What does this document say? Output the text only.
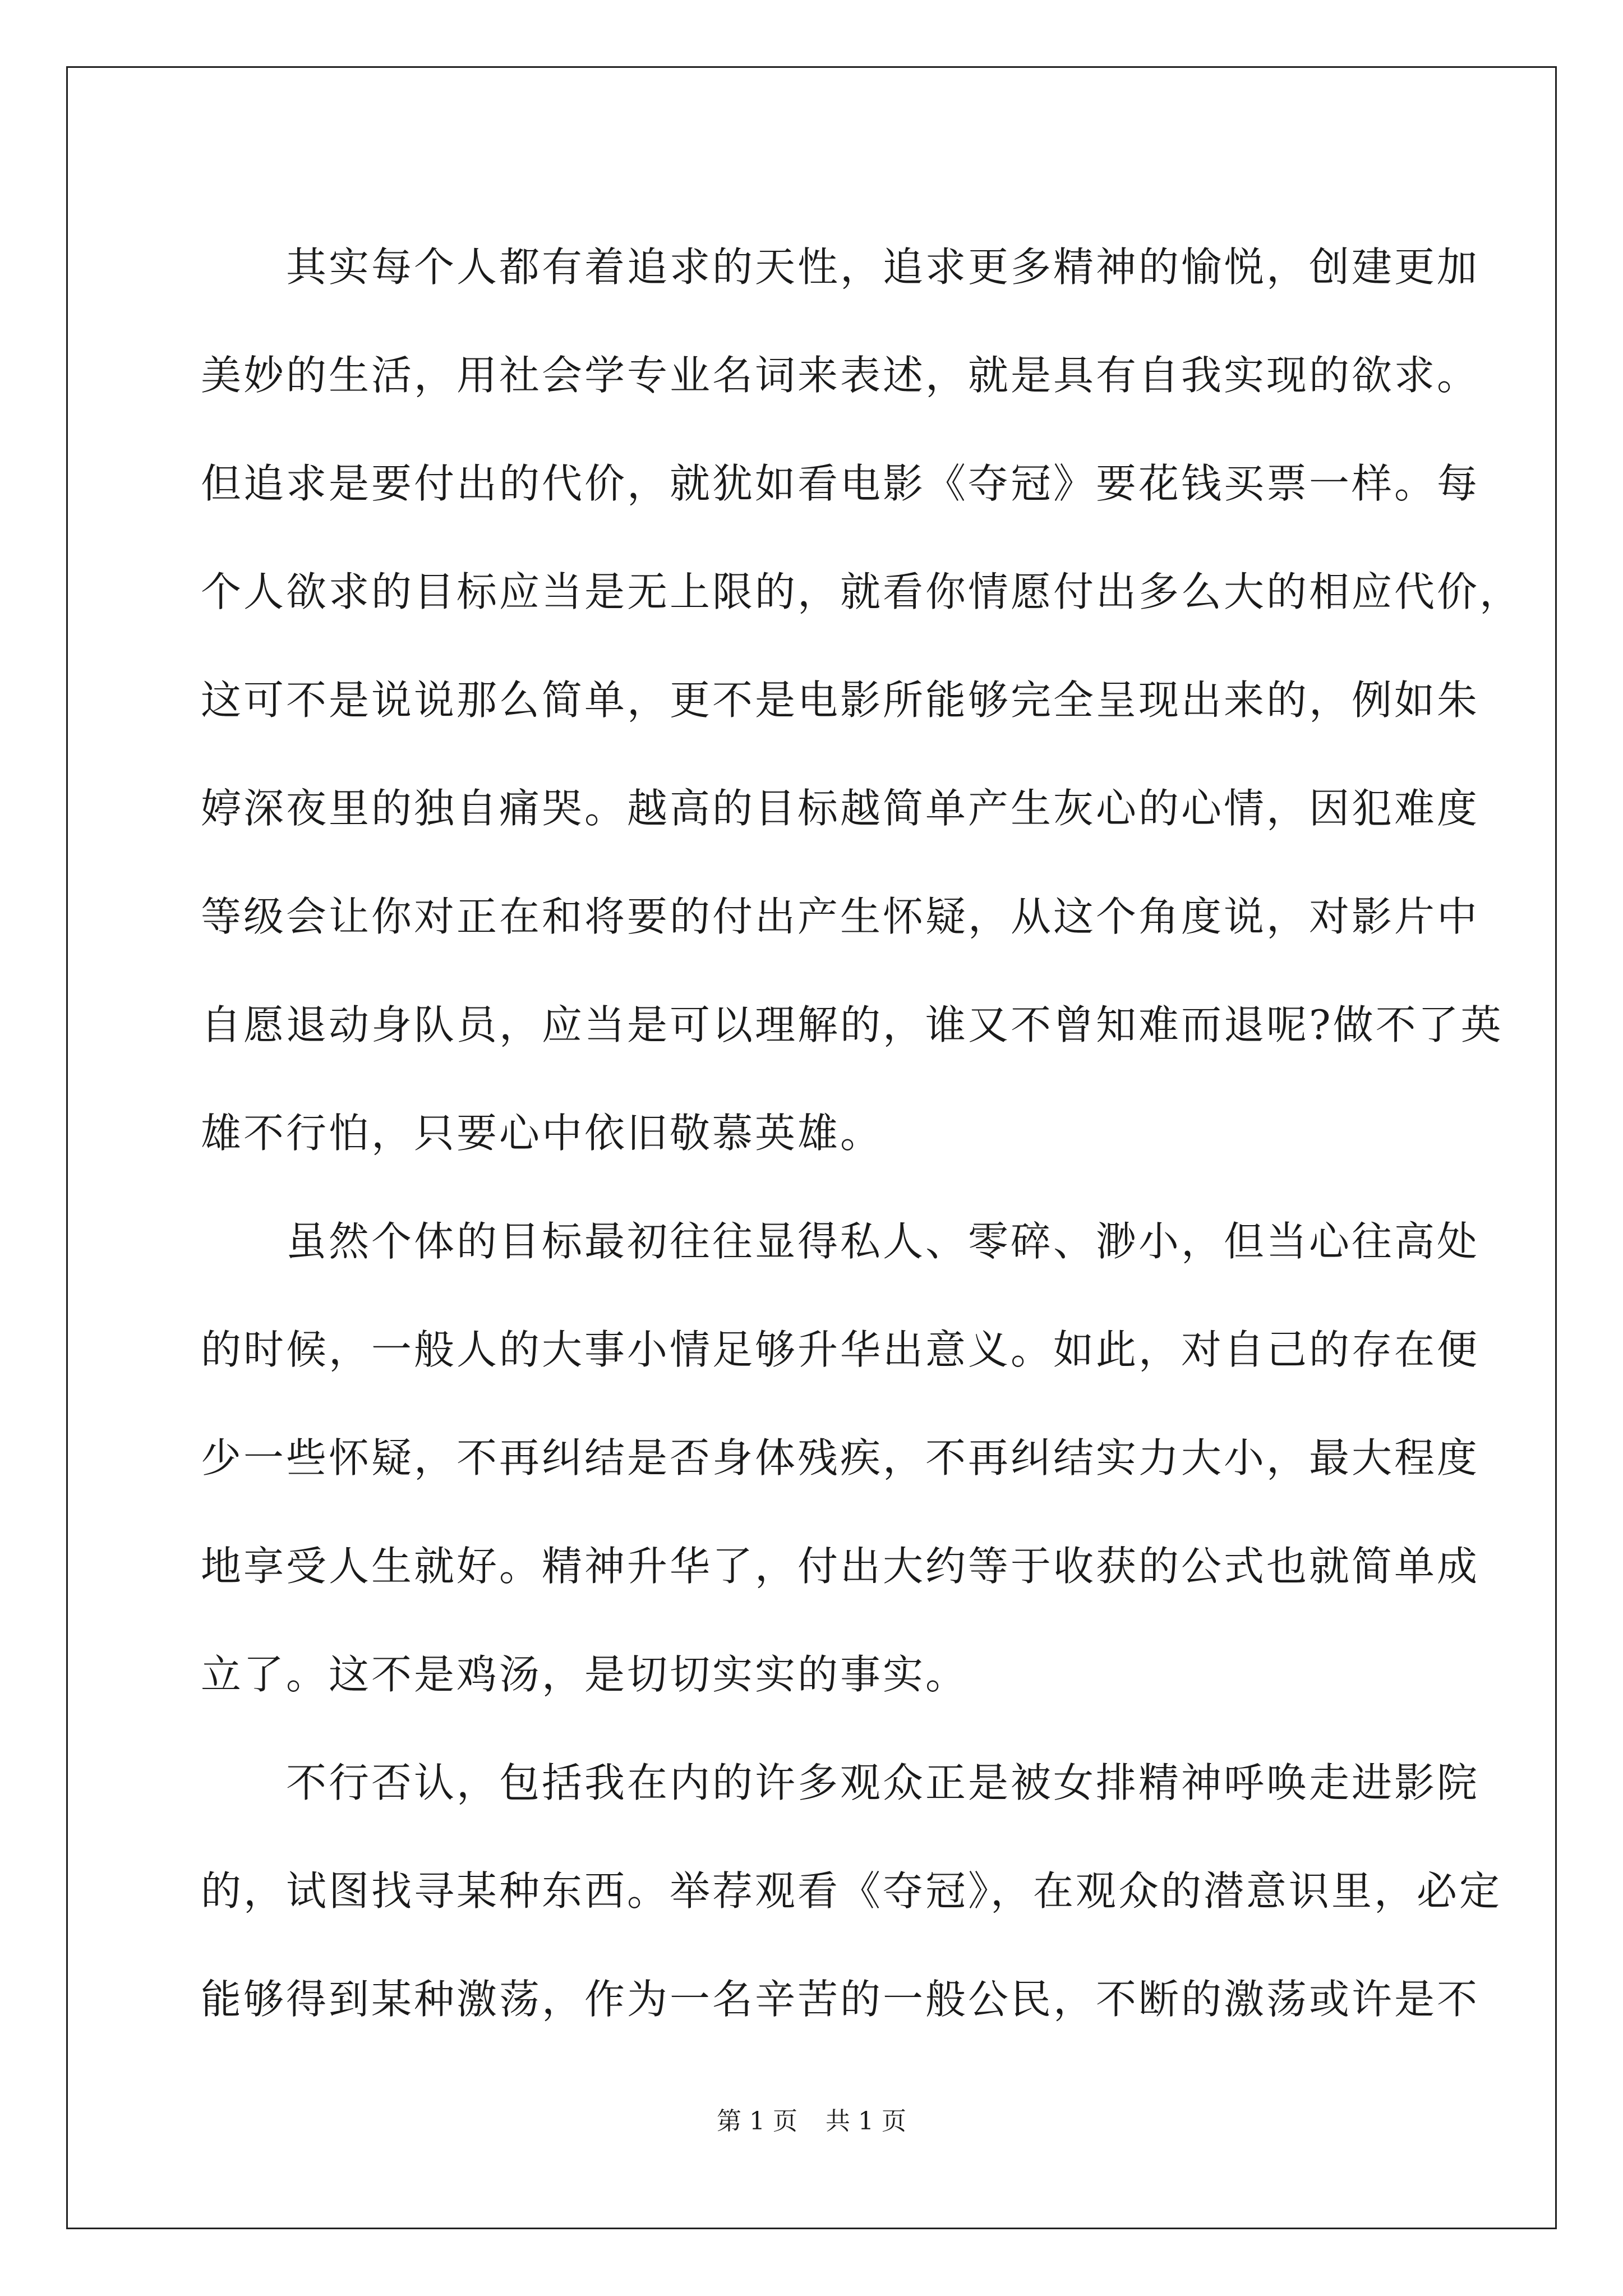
　　其实每个人都有着追求的天性，追求更多精神的愉悦，创建更加
美妙的生活，用社会学专业名词来表述，就是具有自我实现的欲求。
但追求是要付出的代价，就犹如看电影《夺冠》要花钱买票一样。每
个人欲求的目标应当是无上限的，就看你情愿付出多么大的相应代价，
这可不是说说那么简单，更不是电影所能够完全呈现出来的，例如朱
婷深夜里的独自痛哭。越高的目标越简单产生灰心的心情，因犯难度
等级会让你对正在和将要的付出产生怀疑，从这个角度说，对影片中
自愿退动身队员，应当是可以理解的，谁又不曾知难而退呢?做不了英
雄不行怕，只要心中依旧敬慕英雄。
　　虽然个体的目标最初往往显得私人、零碎、渺小，但当心往高处
的时候，一般人的大事小情足够升华出意义。如此，对自己的存在便
少一些怀疑，不再纠结是否身体残疾，不再纠结实力大小，最大程度
地享受人生就好。精神升华了，付出大约等于收获的公式也就简单成
立了。这不是鸡汤，是切切实实的事实。
　　不行否认，包括我在内的许多观众正是被女排精神呼唤走进影院
的，试图找寻某种东西。举荐观看《夺冠》，在观众的潜意识里，必定
能够得到某种激荡，作为一名辛苦的一般公民，不断的激荡或许是不
第 1 页 共 1 页
